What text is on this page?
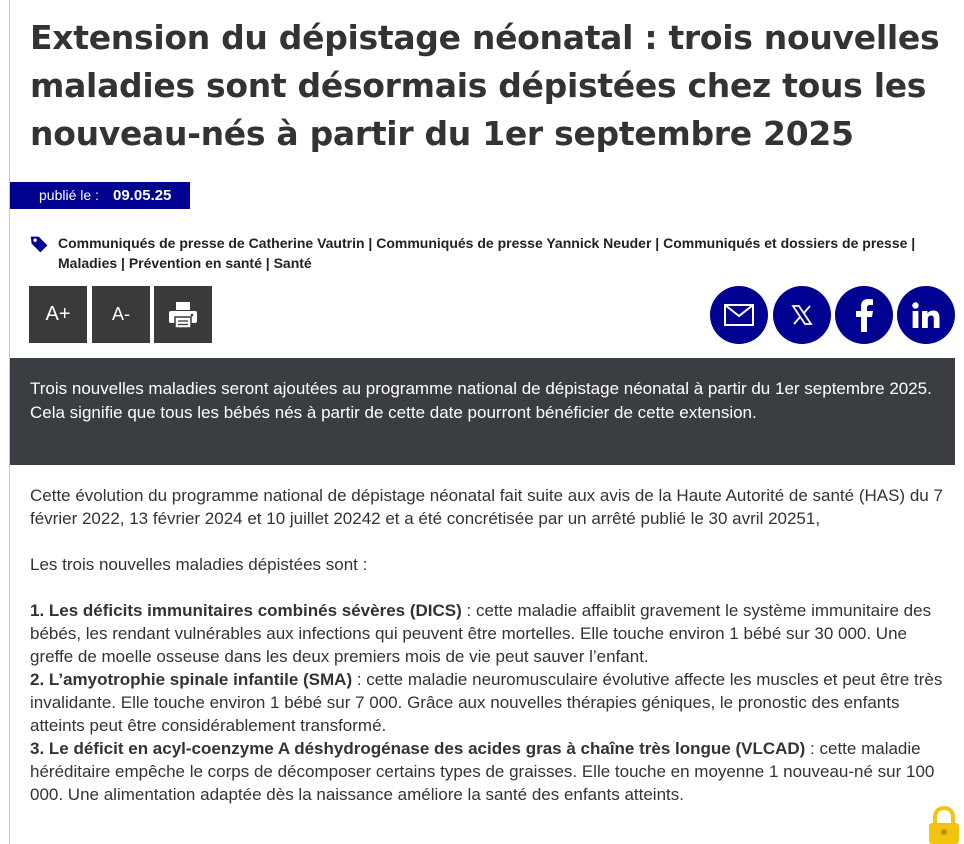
Extension du dépistage néonatal : trois nouvelles maladies sont désormais dépistées chez tous les nouveau-nés à partir du 1er septembre 2025
publié le : 09.05.25
Communiqués de presse de Catherine Vautrin | Communiqués de presse Yannick Neuder | Communiqués et dossiers de presse | Maladies | Prévention en santé | Santé
A+	A-
Trois nouvelles maladies seront ajoutées au programme national de dépistage néonatal à partir du 1er septembre 2025. Cela signifie que tous les bébés nés à partir de cette date pourront bénéficier de cette extension.

Cette évolution du programme national de dépistage néonatal fait suite aux avis de la Haute Autorité de santé (HAS) du 7 février 2022, 13 février 2024 et 10 juillet 20242 et a été concrétisée par un arrêté publié le 30 avril 20251,

Les trois nouvelles maladies dépistées sont :

1. Les déficits immunitaires combinés sévères (DICS) : cette maladie affaiblit gravement le système immunitaire des bébés, les rendant vulnérables aux infections qui peuvent être mortelles. Elle touche environ 1 bébé sur 30 000. Une greffe de moelle osseuse dans les deux premiers mois de vie peut sauver l’enfant.

2. L’amyotrophie spinale infantile (SMA) : cette maladie neuromusculaire évolutive affecte les muscles et peut être très invalidante. Elle touche environ 1 bébé sur 7 000. Grâce aux nouvelles thérapies géniques, le pronostic des enfants atteints peut être considérablement transformé.

3. Le déficit en acyl-coenzyme A déshydrogénase des acides gras à chaîne très longue (VLCAD) : cette maladie héréditaire empêche le corps de décomposer certains types de graisses. Elle touche en moyenne 1 nouveau-né sur 100 000. Une alimentation adaptée dès la naissance améliore la santé des enfants atteints.
